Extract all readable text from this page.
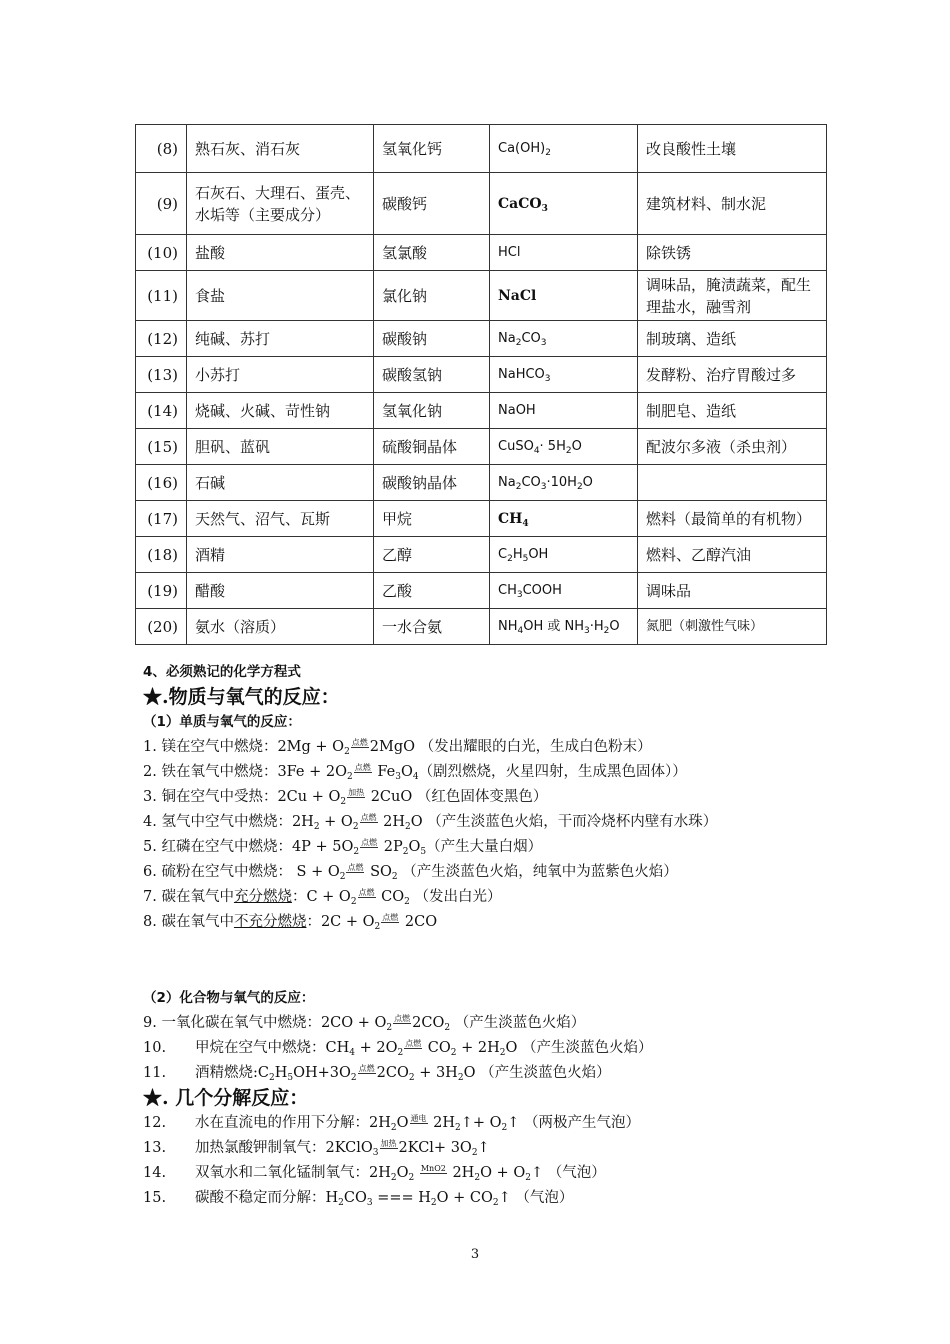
(8)	熟石灰、消石灰	氢氧化钙	$Ca(OH)_2$	改良酸性土壤
(9)	石灰石、大理石、蛋壳、水垢等（主要成分）	碳酸钙	CaCO$_3$	建筑材料、制水泥
(10)	盐酸	氢氯酸	HCl	除铁锈
(11)	食盐	氯化钠	NaCl	调味品，腌渍蔬菜，配生理盐水，融雪剂
(12)	纯碱、苏打	碳酸钠	$Na_2CO_3$	制玻璃、造纸
(13)	小苏打	碳酸氢钠	NaHCO$_3$	发酵粉、治疗胃酸过多
(14)	烧碱、火碱、苛性钠	氢氧化钠	NaOH	制肥皂、造纸
(15)	胆矾、蓝矾	硫酸铜晶体	CuSO$_4$· $5H_2O$	配波尔多液（杀虫剂）
(16)	石碱	碳酸钠晶体	$Na_2CO_3\cdot 10H_2O$	
(17)	天然气、沼气、瓦斯	甲烷	$CH_4$	燃料（最简单的有机物）
(18)	酒精	乙醇	$C_2H_5OH$	燃料、乙醇汽油
(19)	醋酸	乙酸	$CH_3COOH$	调味品
(20)	氨水（溶质）	一水合氨	$NH_4OH$ 或 $NH_3\cdot H_2O$	氮肥（刺激性气味）
4、必须熟记的化学方程式
★.物质与氧气的反应：
（1）单质与氧气的反应：
1. 镁在空气中燃烧：$2Mg + O_2$点燃 2MgO （发出耀眼的白光，生成白色粉末）
2. 铁在氧气中燃烧：$3Fe + 2O_2$点燃 $Fe_3O_4$（剧烈燃烧，火星四射，生成黑色固体））
3. 铜在空气中受热：$2Cu + O_2$加热 2CuO （红色固体变黑色）
4. 氢气中空气中燃烧：$2H_2 + O_2$点燃 $2H_2O$ （产生淡蓝色火焰，干而冷烧杯内壁有水珠）
5. 红磷在空气中燃烧：$4P + 5O_2$点燃 $2P_2O_5$（产生大量白烟）
6. 硫粉在空气中燃烧： $S + O_2$点燃 $SO_2$ （产生淡蓝色火焰，纯氧中为蓝紫色火焰）
7. 碳在氧气中充分燃烧：$C + O_2$点燃 $CO_2$ （发出白光）
8. 碳在氧气中不充分燃烧：$2C + O_2$点燃 2CO
（2）化合物与氧气的反应：
9. 一氧化碳在氧气中燃烧：$2CO + O_2$点燃 $2CO_2$ （产生淡蓝色火焰）
10. 甲烷在空气中燃烧：$CH_4 + 2O_2$点燃 $CO_2 + 2H_2O$ （产生淡蓝色火焰）
11. 酒精燃烧$:C_2H_5OH+3O_2$点燃 $2CO_2 + 3H_2O$ （产生淡蓝色火焰）
★. 几个分解反应：
12. 水在直流电的作用下分解：$2H_2O$ 通电 $2H_2↑+$ $O_2↑$ （两极产生气泡）
13. 加热氯酸钾制氧气：2KClO$_3$加热 $2KCl+ 3O_2↑$
14. 双氧水和二氧化锰制氧气：$2H_2O_2$ MnO2 $2H_2O$ + $O_2↑$ （气泡）
15. 碳酸不稳定而分解：$H_2CO_3$ === $H_2O$ + $CO_2↑$ （气泡）
3
